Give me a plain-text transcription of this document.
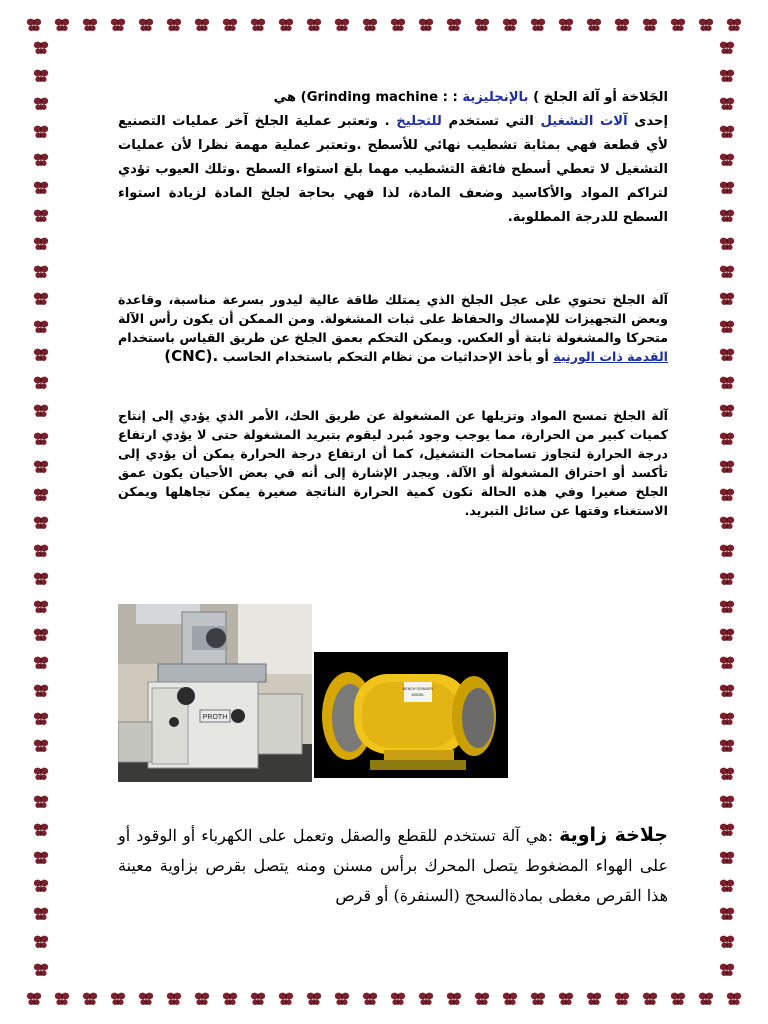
الجَلاخة أو آلة الجلخ ) بالإنجليزية : (Grinding machine : هي
إحدى آلات التشغيل التي تستخدم للتجليخ . وتعتبر عملية الجلخ آخر عمليات التصنيع لأي قطعة فهي بمثابة تشطيب نهائي للأسطح .وتعتبر عملية مهمة نظرا لأن عمليات التشغيل لا تعطي أسطح فائقة التشطيب مهما بلغ استواء السطح .وتلك العيوب تؤدي لتراكم المواد والأكاسيد وضعف المادة، لذا فهي بحاجة لجلخ المادة لزيادة استواء السطح للدرجة المطلوبة.
آلة الجلخ تحتوي على عجل الجلخ الذي يمتلك طاقة عالية ليدور بسرعة مناسبة، وقاعدة وبعض التجهيزات للإمساك والحفاظ على ثبات المشغولة. ومن الممكن أن يكون رأس الآلة متحركا والمشغولة ثابتة أو العكس. ويمكن التحكم بعمق الجلخ عن طريق القياس باستخدام القدمة ذات الورنية أو بأخذ الإحداثيات من نظام التحكم باستخدام الحاسب (CNC).
آلة الجلخ تمسح المواد وتزيلها عن المشغولة عن طريق الحك، الأمر الذي يؤدي إلى إنتاج كميات كبير من الحرارة، مما يوجب وجود مُبرد ليقوم بتبريد المشغولة حتى لا يؤدي ارتفاع درجة الحرارة لتجاوز تسامحات التشغيل، كما أن ارتفاع درجة الحرارة يمكن أن يؤدي إلى تأكسد أو احتراق المشغولة أو الآلة. ويجدر الإشارة إلى أنه في بعض الأحيان يكون عمق الجلخ صغيرا وفي هذه الحالة تكون كمية الحرارة الناتجة صغيرة يمكن تجاهلها ويمكن الاستغناء وقتها عن سائل التبريد.
PROTH
BENCH GRINDER
MODEL
جلاخة زاوية :هي آلة تستخدم للقطع والصقل وتعمل على الكهرباء أو الوقود أو على الهواء المضغوط يتصل المحرك برأس مسنن ومنه يتصل بقرص بزاوية معينة هذا القرص مغطى بمادةالسحج (السنفرة) أو قرص
